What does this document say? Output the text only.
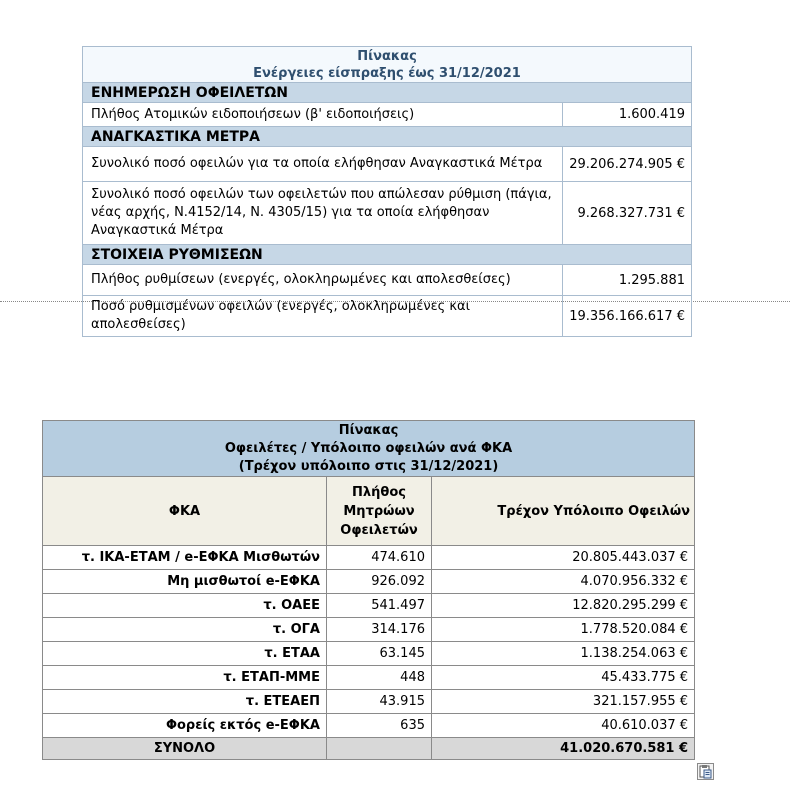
Πίνακας
Ενέργειες είσπραξης έως 31/12/2021	

ΕΝΗΜΕΡΩΣΗ ΟΦΕΙΛΕΤΩΝ	
Πλήθος Ατομικών ειδοποιήσεων (β' ειδοποιήσεις)	1.600.419
ΑΝΑΓΚΑΣΤΙΚΑ ΜΕΤΡΑ	
Συνολικό ποσό οφειλών για τα οποία ελήφθησαν Αναγκαστικά Μέτρα	29.206.274.905 €
Συνολικό ποσό οφειλών των οφειλετών που απώλεσαν ρύθμιση (πάγια, νέας αρχής, Ν.4152/14, Ν. 4305/15) για τα οποία ελήφθησαν Αναγκαστικά Μέτρα	9.268.327.731 €
ΣΤΟΙΧΕΙΑ ΡΥΘΜΙΣΕΩΝ	
Πλήθος ρυθμίσεων (ενεργές, ολοκληρωμένες και απολεσθείσες)	1.295.881
Ποσό ρυθμισμένων οφειλών (ενεργές, ολοκληρωμένες και απολεσθείσες)	19.356.166.617 €
Πίνακας
Οφειλέτες / Υπόλοιπο οφειλών ανά ΦΚΑ
(Τρέχον υπόλοιπο στις 31/12/2021)		

ΦΚΑ	Πλήθος Μητρώων Οφειλετών	Τρέχον Υπόλοιπο Οφειλών
τ. ΙΚΑ-ΕΤΑΜ / e-ΕΦΚΑ Μισθωτών	474.610	20.805.443.037 €
Μη μισθωτοί e-ΕΦΚΑ	926.092	4.070.956.332 €
τ. ΟΑΕΕ	541.497	12.820.295.299 €
τ. ΟΓΑ	314.176	1.778.520.084 €
τ. ΕΤΑΑ	63.145	1.138.254.063 €
τ. ΕΤΑΠ-ΜΜΕ	448	45.433.775 €
τ. ΕΤΕΑΕΠ	43.915	321.157.955 €
Φορείς εκτός e-ΕΦΚΑ	635	40.610.037 €
ΣΥΝΟΛΟ		41.020.670.581 €
